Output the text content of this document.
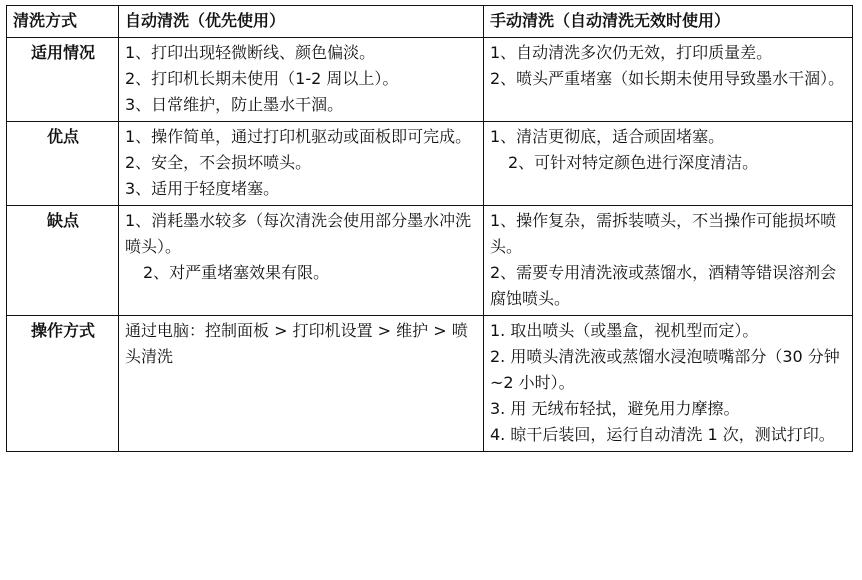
清洗方式	自动清洗（优先使用）	手动清洗（自动清洗无效时使用）
适用情况	1、打印出现轻微断线、颜色偏淡。
2、打印机长期未使用（1-2 周以上）。
3、日常维护，防止墨水干涸。	1、自动清洗多次仍无效，打印质量差。
2、喷头严重堵塞（如长期未使用导致墨水干涸）。

优点	1、操作简单，通过打印机驱动或面板即可完成。
2、安全，不会损坏喷头。
3、适用于轻度堵塞。	1、清洁更彻底，适合顽固堵塞。
2、可针对特定颜色进行深度清洁。

缺点	1、消耗墨水较多（每次清洗会使用部分墨水冲洗喷头）。
2、对严重堵塞效果有限。	1、操作复杂，需拆装喷头，不当操作可能损坏喷头。
2、需要专用清洗液或蒸馏水，酒精等错误溶剂会腐蚀喷头。

操作方式	通过电脑：控制面板 > 打印机设置 > 维护 > 喷头清洗	1. 取出喷头（或墨盒，视机型而定）。
2. 用喷头清洗液或蒸馏水浸泡喷嘴部分（30 分钟~2 小时）。
3. 用 无绒布轻拭，避免用力摩擦。
4. 晾干后装回，运行自动清洗 1 次，测试打印。
